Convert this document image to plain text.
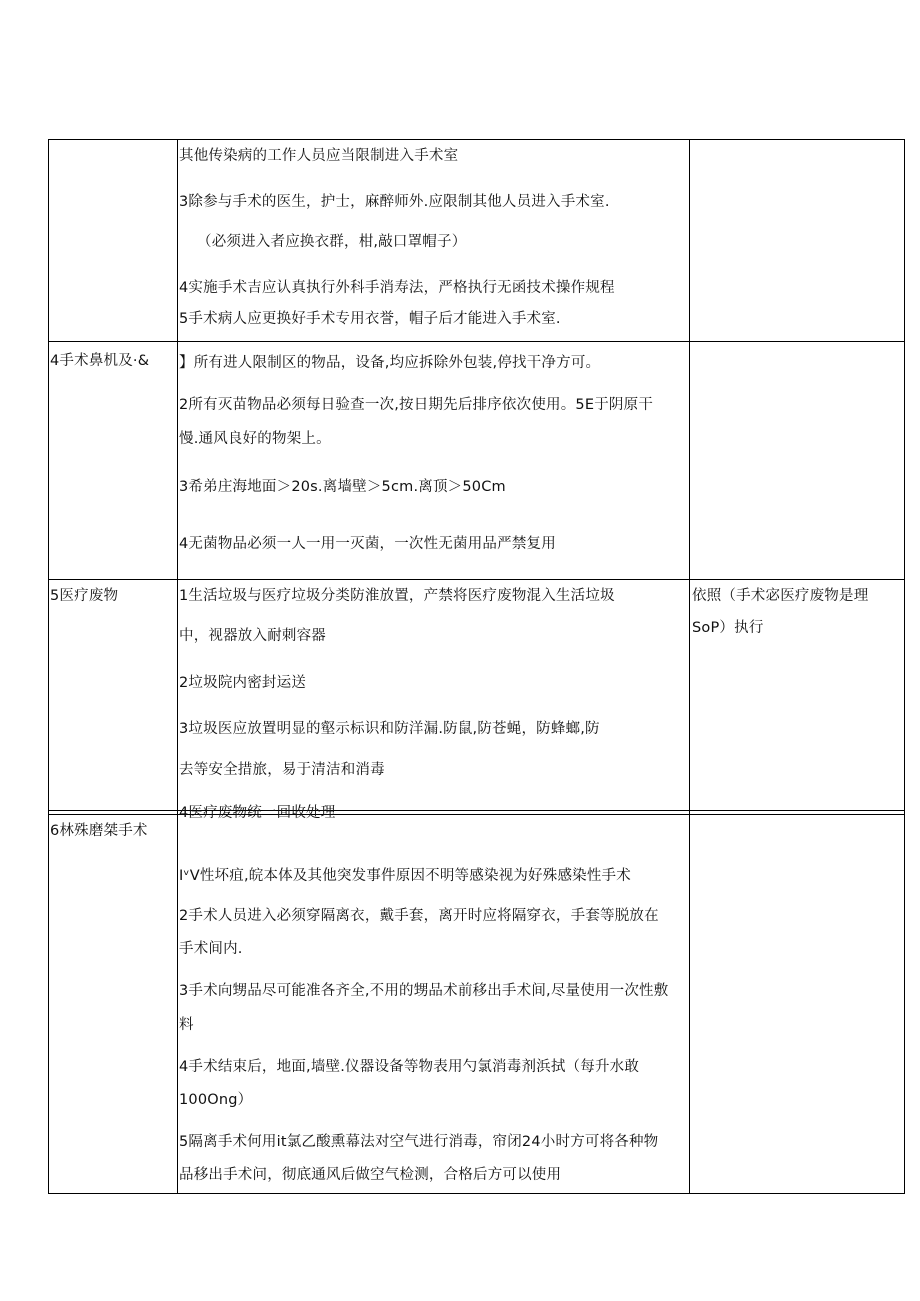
其他传染病的工作人员应当限制进入手术室
3除参与手术的医生，护士，麻醉师外.应限制其他人员进入手术室.
（必须进入者应换衣群，柑,敲口罩帽子）
4实施手术吉应认真执行外科手消寿法，严格执行无函技术操作规程
5手术病人应更换好手术专用衣誉，帽子后才能进入手术室.
4手术鼻机及·& 】所有进人限制区的物品，设备,均应拆除外包装,停找干净方可。
2所有灭苗物品必须每日验查一次,按日期先后排序依次使用。5E于阴原干
慢.通风良好的物架上。
3希弟庄海地面＞20s.离墙壁＞5cm.离顶＞50Cm
4无菌物品必须一人一用一灭菌，一次性无菌用品严禁复用
5医疗废物	1生活垃圾与医疗垃圾分类防淮放置，产禁将医疗废物混入生活垃圾
中，视器放入耐刺容器
2垃圾院内密封运送
3垃圾医应放置明显的壑示标识和防洋漏.防鼠,防苍蝇，防蜂螂,防
去等安全措旅，易于清洁和消毒
4医疗废物统一回收处理
依照（手术宓医疗废物是理
SoP）执行
6林殊磨桀手术
IᵛV性坏疽,皖本体及其他突发事件原因不明等感染视为好殊感染性手术
2手术人员进入必须穿隔离衣，戴手套，离开时应将隔穿衣，手套等脱放在
手术间内.
3手术向甥品尽可能准各齐全,不用的甥品术前移出手术间,尽量使用一次性敷
料
4手术结束后，地面,墙壁.仪器设备等物表用勺氯消毒剂浜拭（每升水敢
100Ong）
5隔离手术何用it氯乙酸熏幕法对空气进行消毒，帘闭24小时方可将各种物
品移出手术问，彻底通风后做空气检测，合格后方可以使用
